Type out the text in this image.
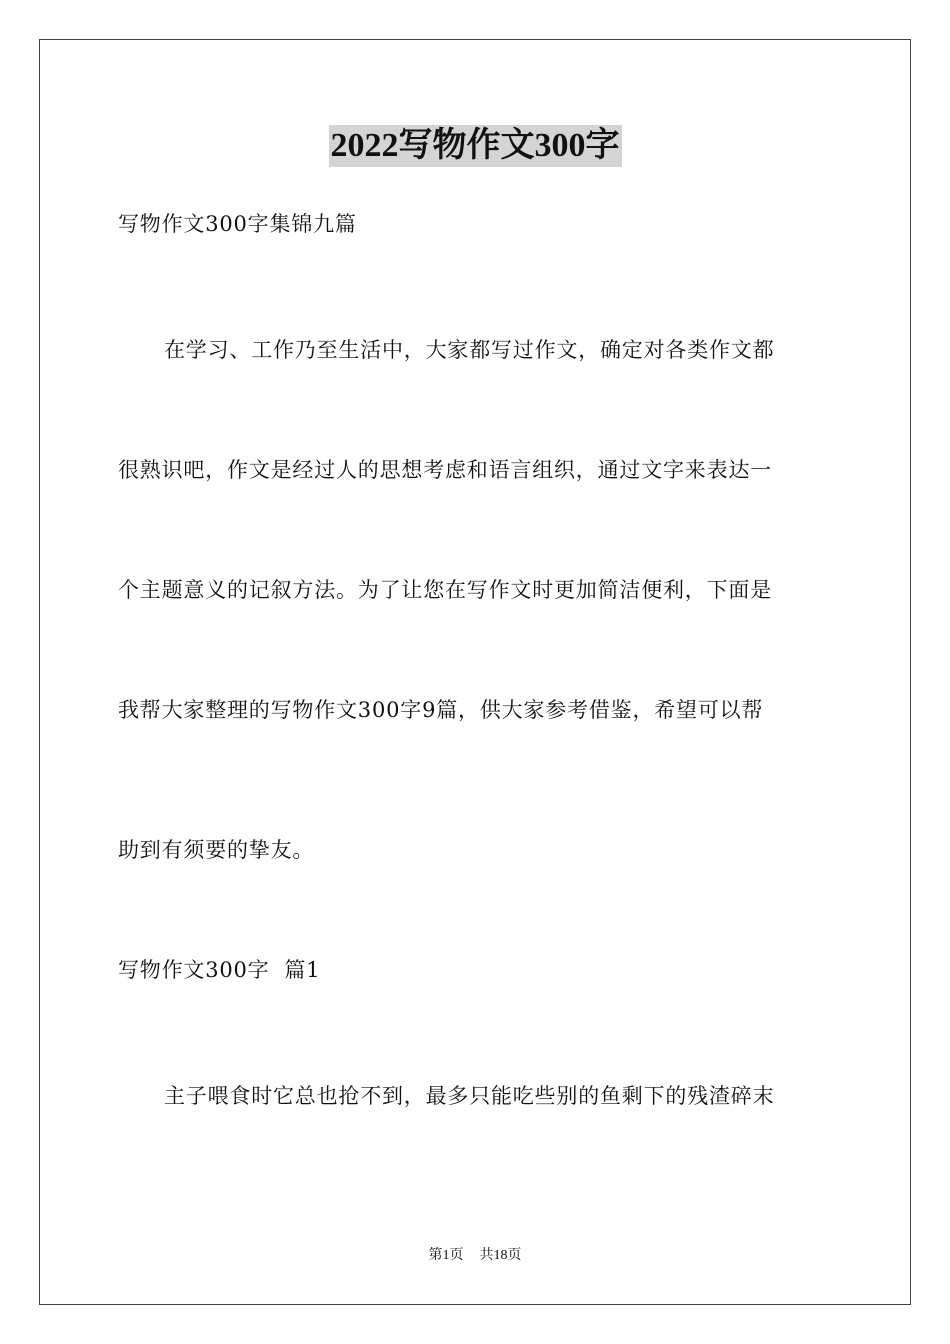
2022写物作文300字
写物作文300字集锦九篇
在学习、工作乃至生活中，大家都写过作文，确定对各类作文都
很熟识吧，作文是经过人的思想考虑和语言组织，通过文字来表达一
个主题意义的记叙方法。为了让您在写作文时更加简洁便利，下面是
我帮大家整理的写物作文300字9篇，供大家参考借鉴，希望可以帮
助到有须要的挚友。
写物作文300字  篇1
主子喂食时它总也抢不到，最多只能吃些别的鱼剩下的残渣碎末
第1页 共18页
